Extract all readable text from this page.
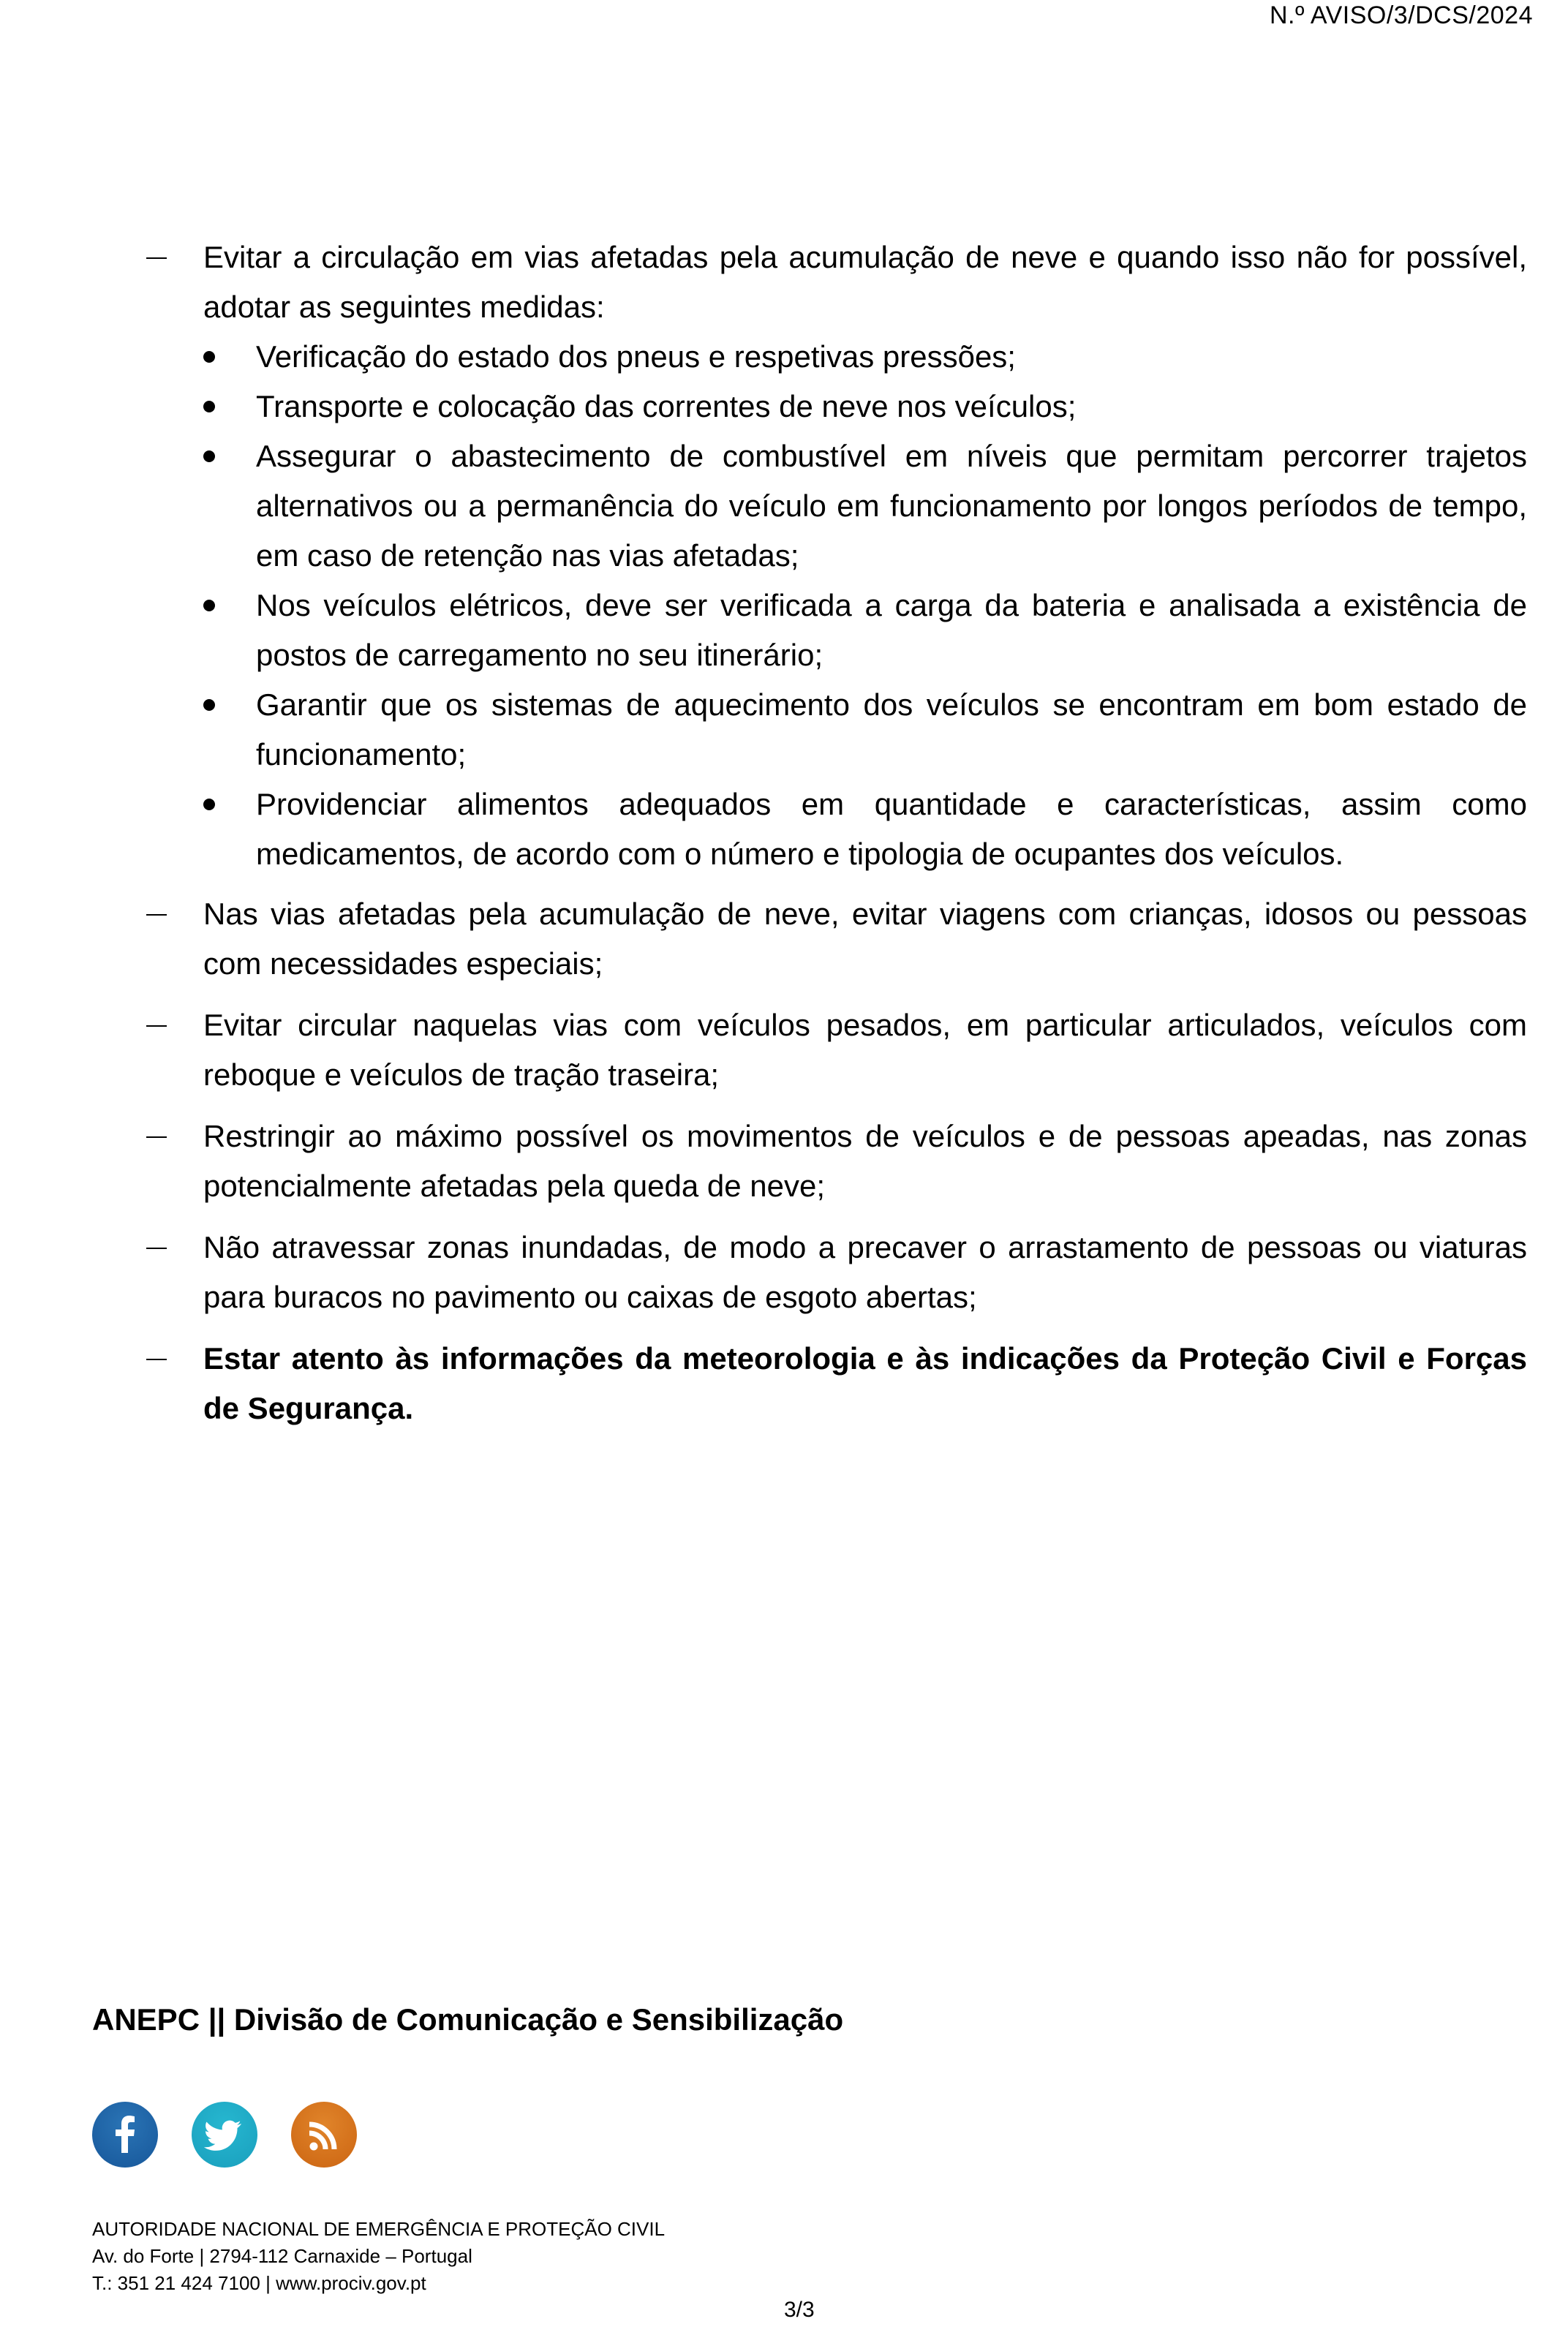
N.º AVISO/3/DCS/2024
Evitar a circulação em vias afetadas pela acumulação de neve e quando isso não for possível, adotar as seguintes medidas:
Verificação do estado dos pneus e respetivas pressões;
Transporte e colocação das correntes de neve nos veículos;
Assegurar o abastecimento de combustível em níveis que permitam percorrer trajetos alternativos ou a permanência do veículo em funcionamento por longos períodos de tempo, em caso de retenção nas vias afetadas;
Nos veículos elétricos, deve ser verificada a carga da bateria e analisada a existência de postos de carregamento no seu itinerário;
Garantir que os sistemas de aquecimento dos veículos se encontram em bom estado de funcionamento;
Providenciar alimentos adequados em quantidade e características, assim como medicamentos, de acordo com o número e tipologia de ocupantes dos veículos.
Nas vias afetadas pela acumulação de neve, evitar viagens com crianças, idosos ou pessoas com necessidades especiais;
Evitar circular naquelas vias com veículos pesados, em particular articulados, veículos com reboque e veículos de tração traseira;
Restringir ao máximo possível os movimentos de veículos e de pessoas apeadas, nas zonas potencialmente afetadas pela queda de neve;
Não atravessar zonas inundadas, de modo a precaver o arrastamento de pessoas ou viaturas para buracos no pavimento ou caixas de esgoto abertas;
Estar atento às informações da meteorologia e às indicações da Proteção Civil e Forças de Segurança.
ANEPC || Divisão de Comunicação e Sensibilização
AUTORIDADE NACIONAL DE EMERGÊNCIA E PROTEÇÃO CIVIL
Av. do Forte | 2794-112 Carnaxide – Portugal
T.: 351 21 424 7100 | www.prociv.gov.pt
3/3
